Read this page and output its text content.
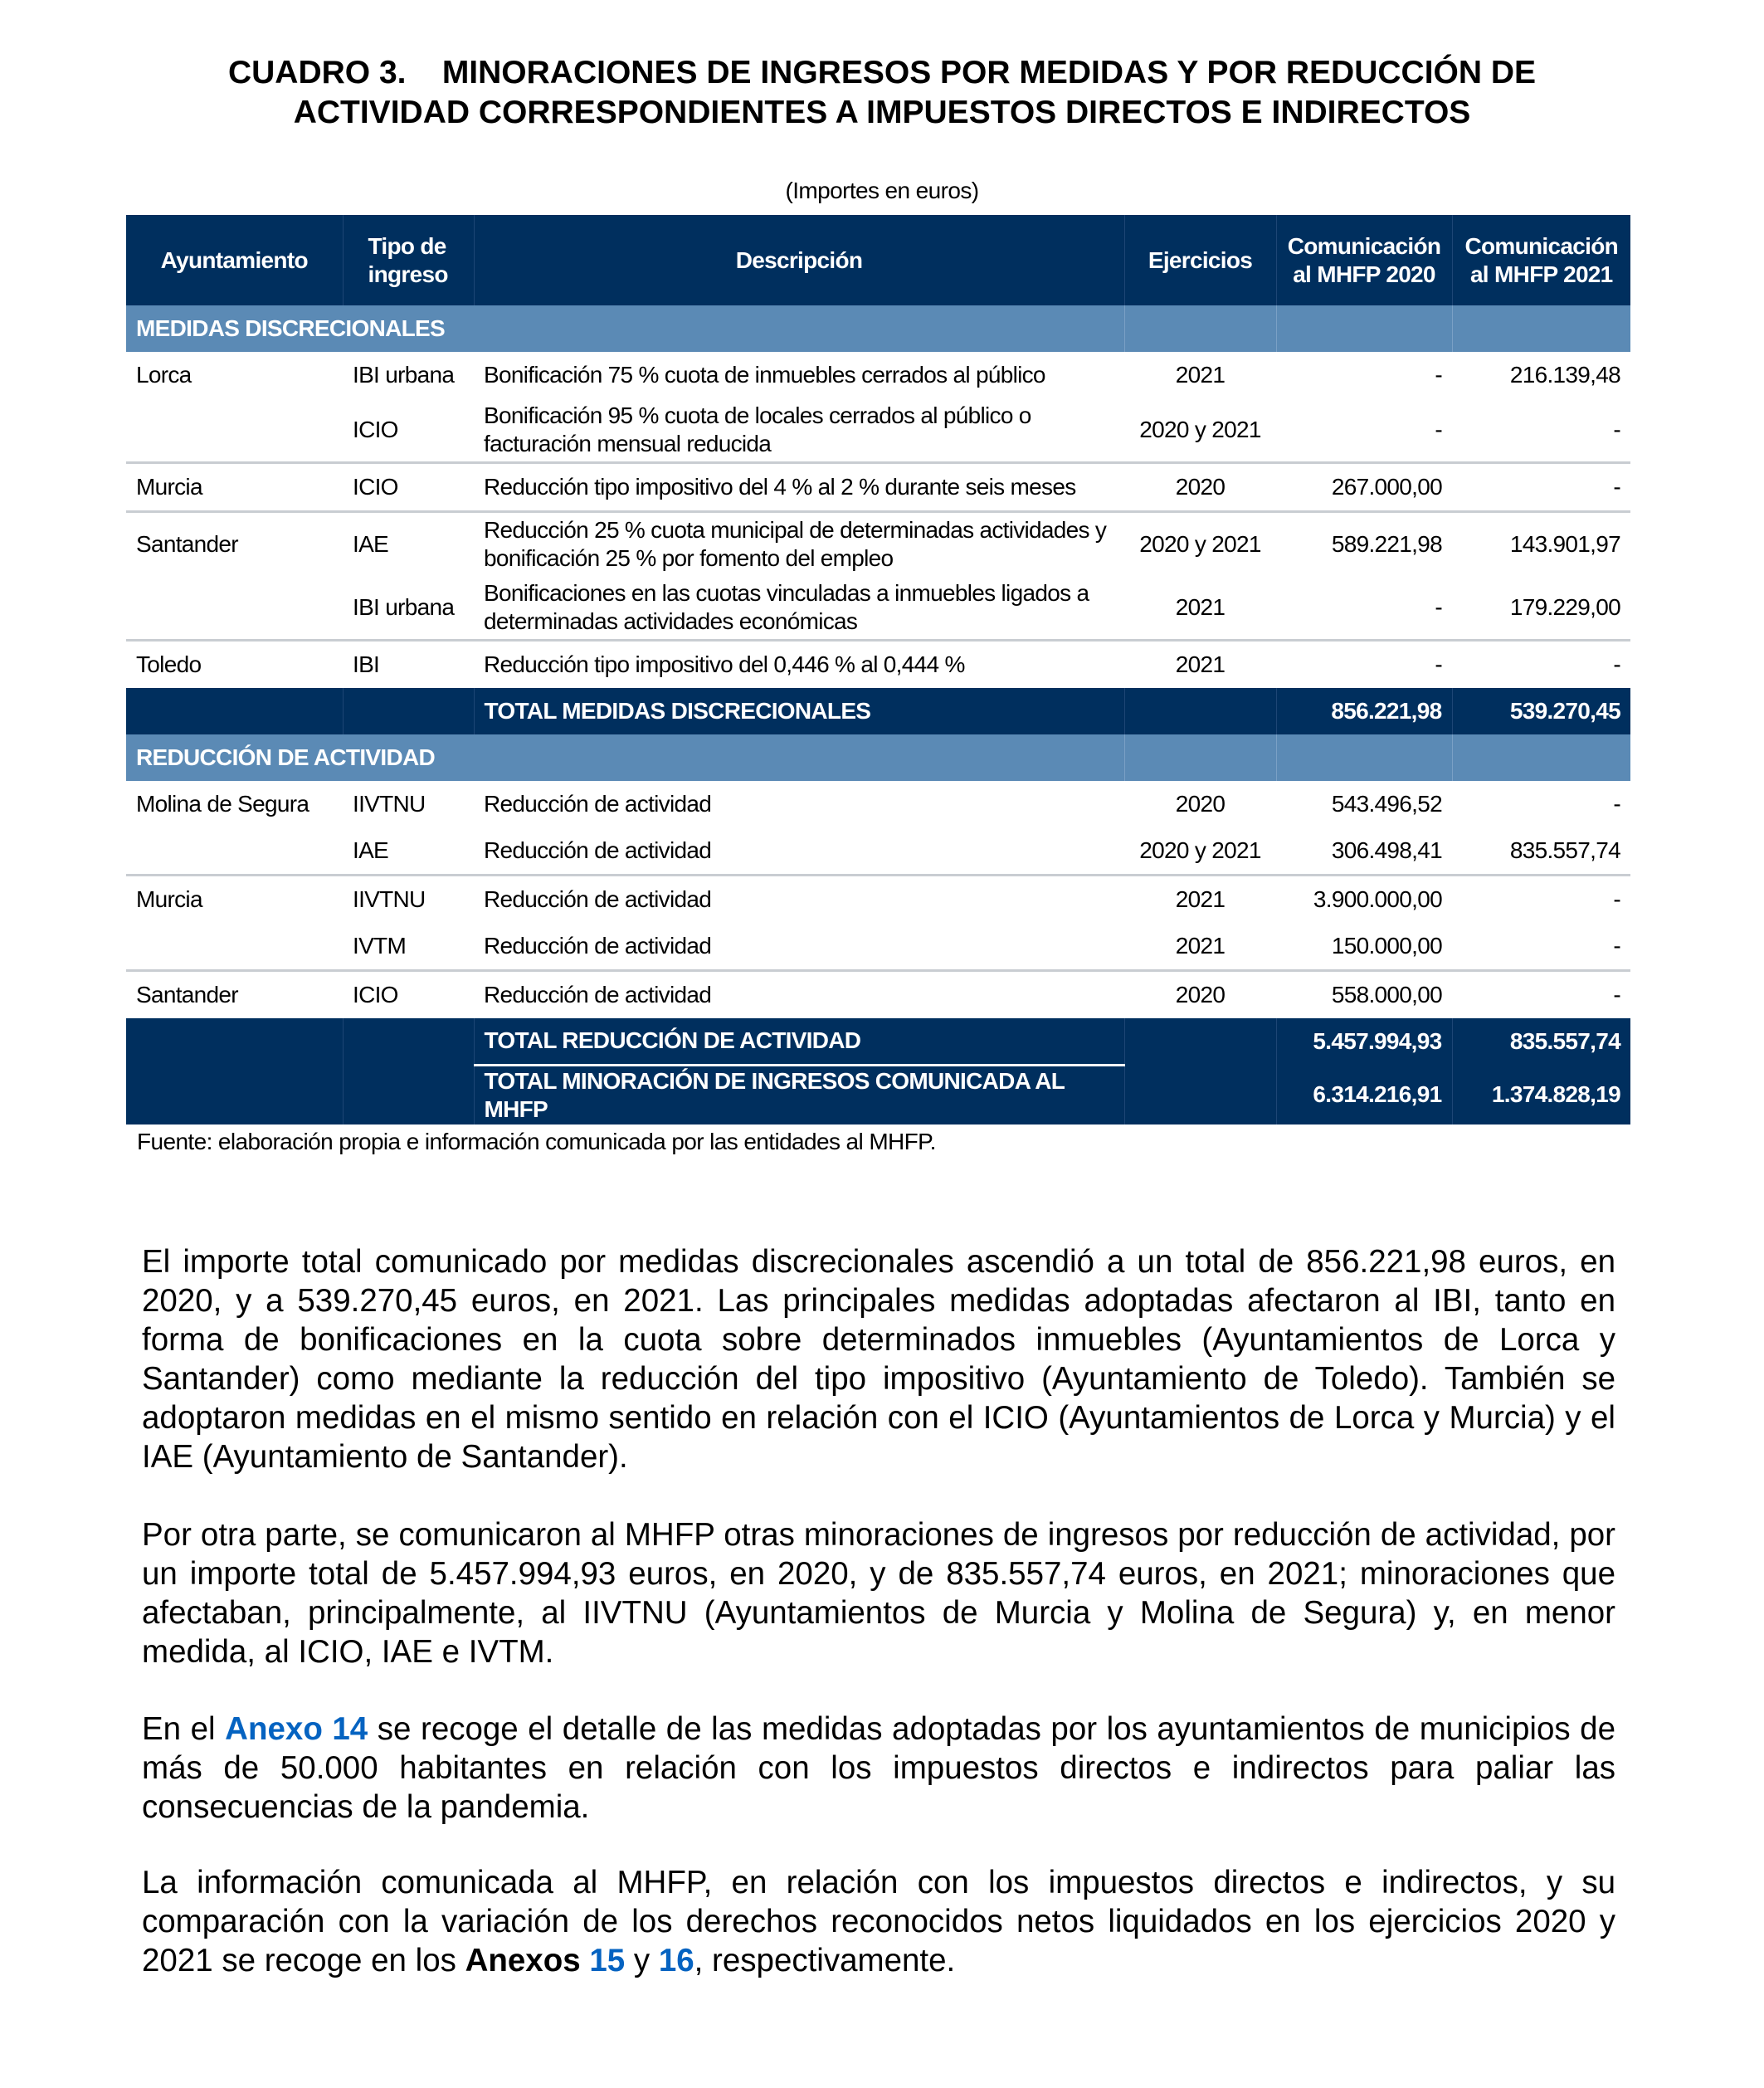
CUADRO 3.    MINORACIONES DE INGRESOS POR MEDIDAS Y POR REDUCCIÓN DE
ACTIVIDAD CORRESPONDIENTES A IMPUESTOS DIRECTOS E INDIRECTOS
(Importes en euros)
Ayuntamiento	Tipo de ingreso	Descripción	Ejercicios	Comunicación al MHFP 2020	Comunicación al MHFP 2021
MEDIDAS DISCRECIONALES					
Lorca	IBI urbana	Bonificación 75 % cuota de inmuebles cerrados al público	2021	-	216.139,48
	ICIO	Bonificación 95 % cuota de locales cerrados al público o facturación mensual reducida	2020 y 2021	-	-
Murcia	ICIO	Reducción tipo impositivo del 4 % al 2 % durante seis meses	2020	267.000,00	-
Santander	IAE	Reducción 25 % cuota municipal de determinadas actividades y bonificación 25 % por fomento del empleo	2020 y 2021	589.221,98	143.901,97
	IBI urbana	Bonificaciones en las cuotas vinculadas a inmuebles ligados a determinadas actividades económicas	2021	-	179.229,00
Toledo	IBI	Reducción tipo impositivo del 0,446 % al 0,444 %	2021	-	-
		TOTAL MEDIDAS DISCRECIONALES		856.221,98	539.270,45
REDUCCIÓN DE ACTIVIDAD					
Molina de Segura	IIVTNU	Reducción de actividad	2020	543.496,52	-
	IAE	Reducción de actividad	2020 y 2021	306.498,41	835.557,74
Murcia	IIVTNU	Reducción de actividad	2021	3.900.000,00	-
	IVTM	Reducción de actividad	2021	150.000,00	-
Santander	ICIO	Reducción de actividad	2020	558.000,00	-
		TOTAL REDUCCIÓN DE ACTIVIDAD		5.457.994,93	835.557,74
		TOTAL MINORACIÓN DE INGRESOS COMUNICADA AL MHFP		6.314.216,91	1.374.828,19
Fuente: elaboración propia e información comunicada por las entidades al MHFP.
El importe total comunicado por medidas discrecionales ascendió a un total de 856.221,98 euros, en 2020, y a 539.270,45 euros, en 2021. Las principales medidas adoptadas afectaron al IBI, tanto en forma de bonificaciones en la cuota sobre determinados inmuebles (Ayuntamientos de Lorca y Santander) como mediante la reducción del tipo impositivo (Ayuntamiento de Toledo). También se adoptaron medidas en el mismo sentido en relación con el ICIO (Ayuntamientos de Lorca y Murcia) y el IAE (Ayuntamiento de Santander).
Por otra parte, se comunicaron al MHFP otras minoraciones de ingresos por reducción de actividad, por un importe total de 5.457.994,93 euros, en 2020, y de 835.557,74 euros, en 2021; minoraciones que afectaban, principalmente, al IIVTNU (Ayuntamientos de Murcia y Molina de Segura) y, en menor medida, al ICIO, IAE e IVTM.
En el Anexo 14 se recoge el detalle de las medidas adoptadas por los ayuntamientos de municipios de más de 50.000 habitantes en relación con los impuestos directos e indirectos para paliar las consecuencias de la pandemia.
La información comunicada al MHFP, en relación con los impuestos directos e indirectos, y su comparación con la variación de los derechos reconocidos netos liquidados en los ejercicios 2020 y 2021 se recoge en los Anexos 15 y 16, respectivamente.
